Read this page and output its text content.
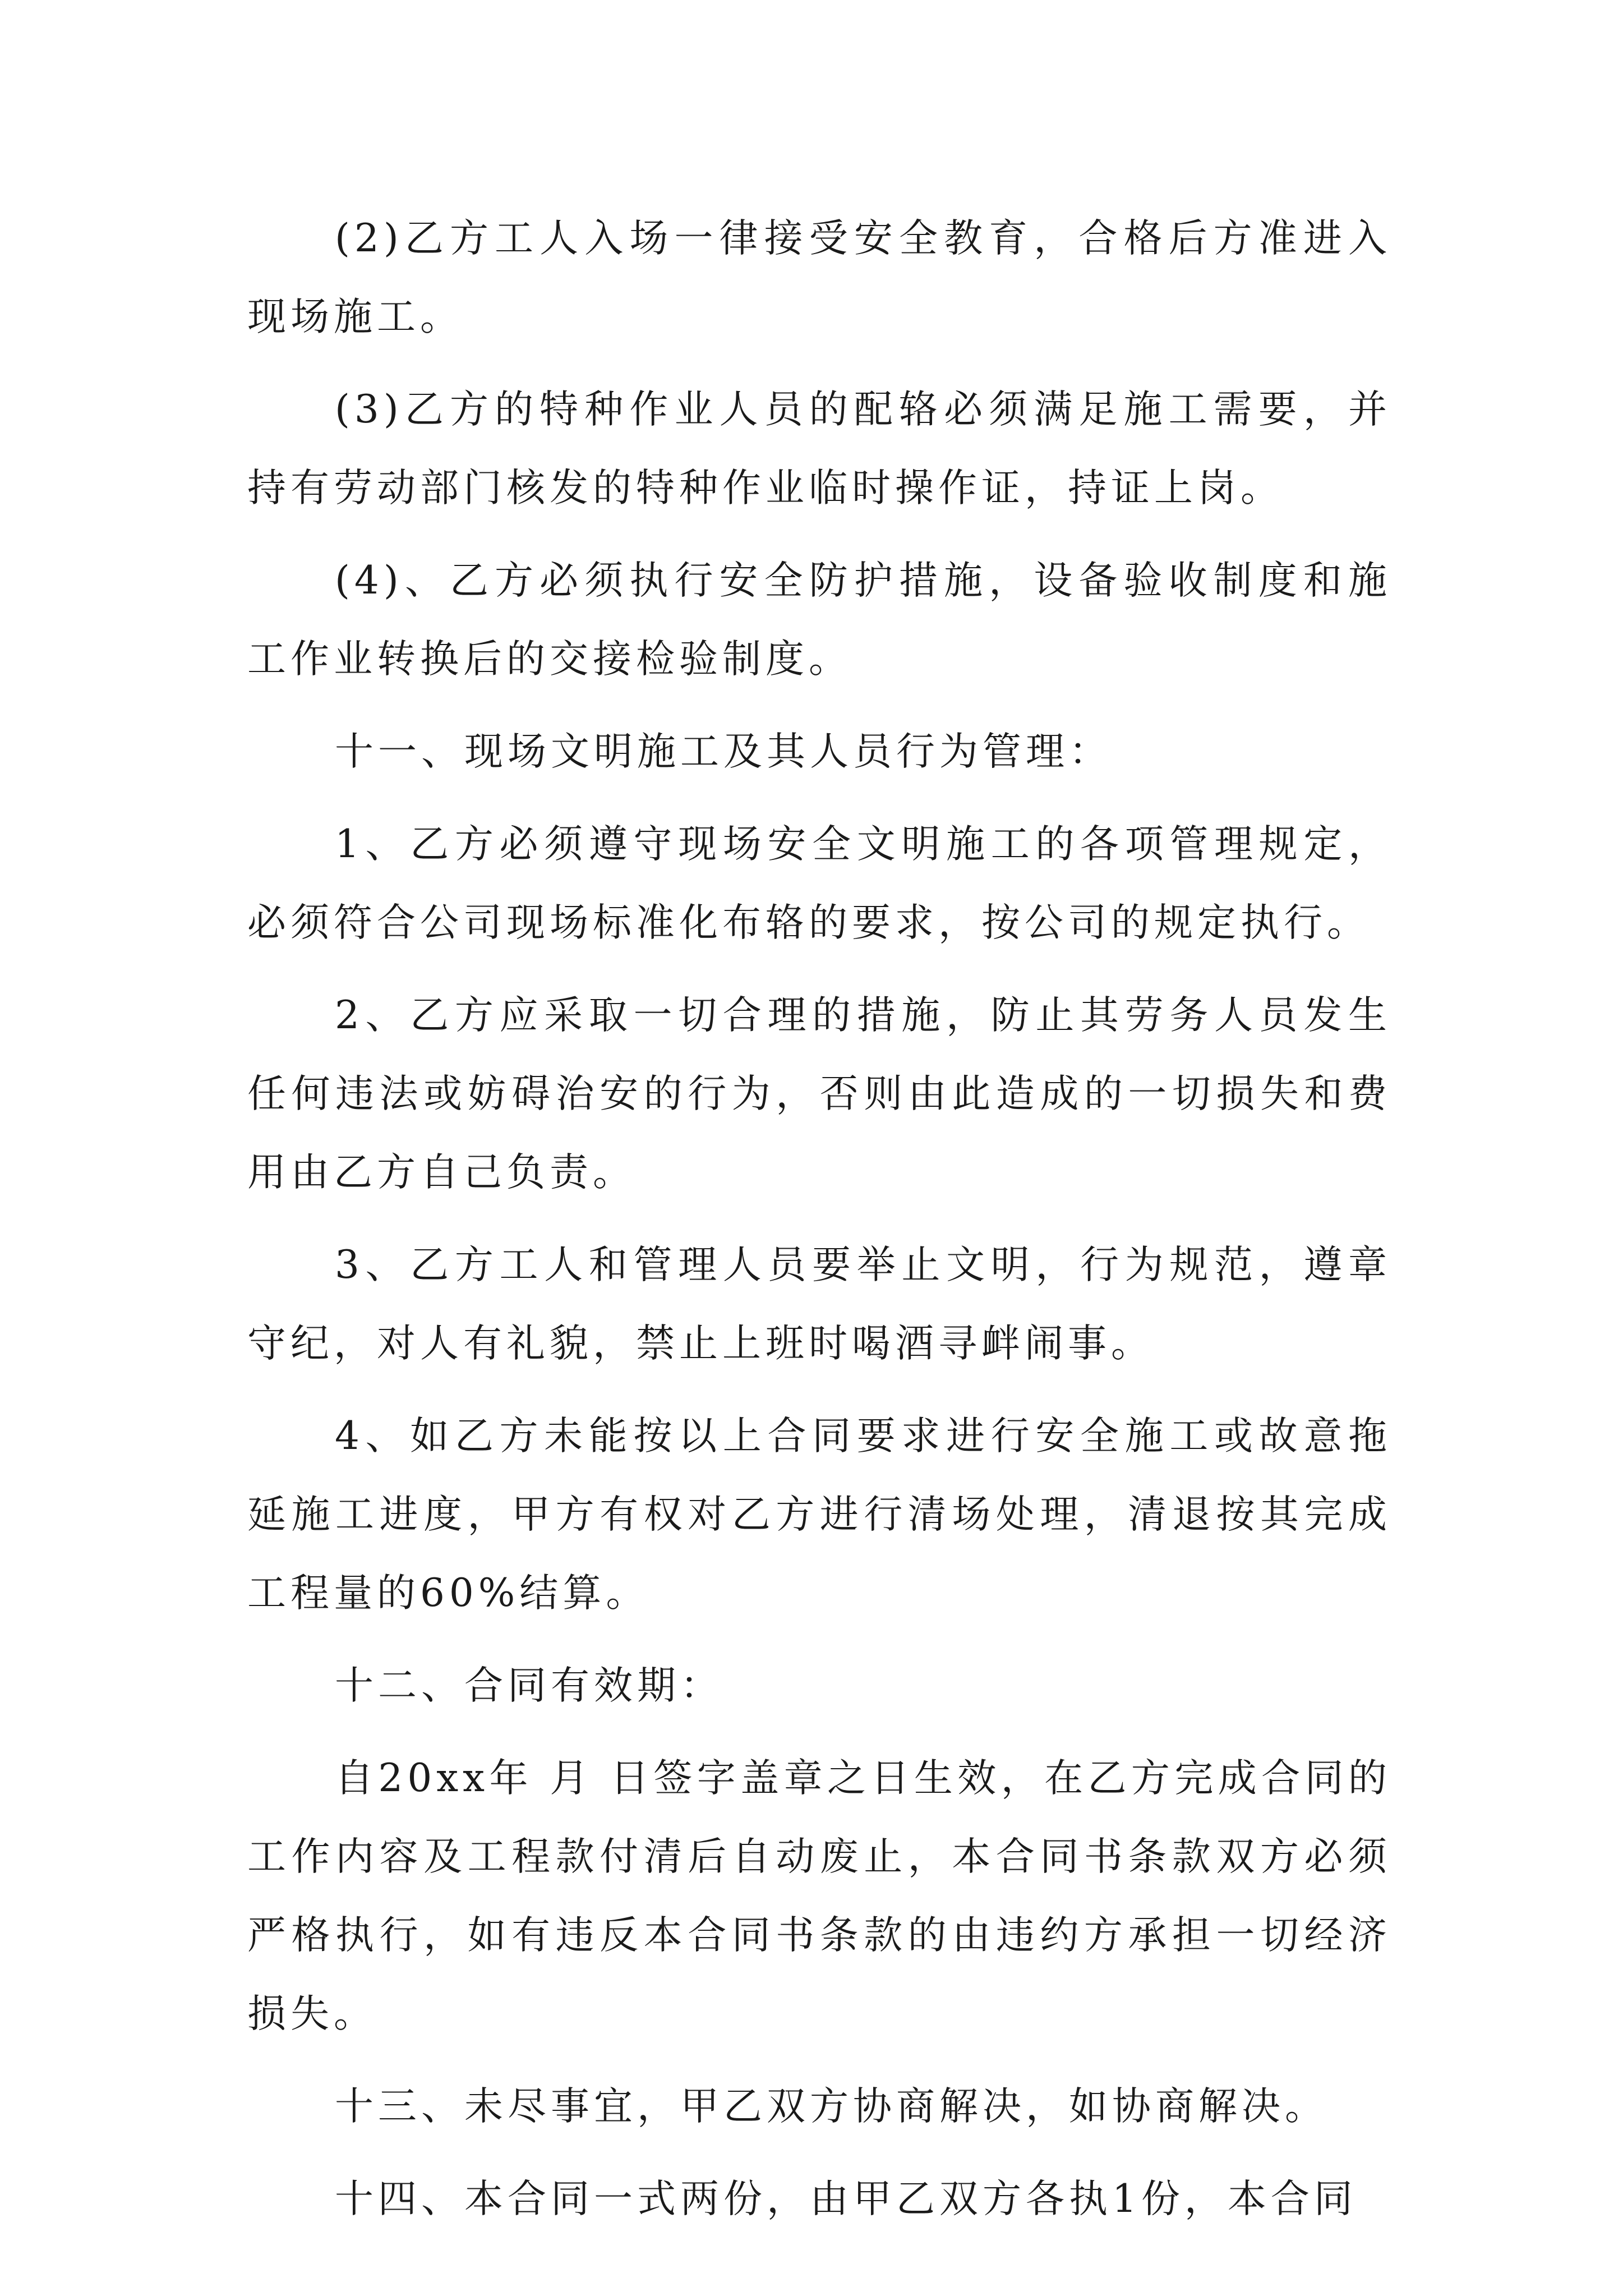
(2)乙方工人入场一律接受安全教育，合格后方准进入现场施工。

(3)乙方的特种作业人员的配辂必须满足施工需要，并持有劳动部门核发的特种作业临时操作证，持证上岗。

(4)、乙方必须执行安全防护措施，设备验收制度和施工作业转换后的交接检验制度。

十一、现场文明施工及其人员行为管理：

1、乙方必须遵守现场安全文明施工的各项管理规定，必须符合公司现场标准化布辂的要求，按公司的规定执行。

2、乙方应采取一切合理的措施，防止其劳务人员发生任何违法或妨碍治安的行为，否则由此造成的一切损失和费用由乙方自己负责。

3、乙方工人和管理人员要举止文明，行为规范，遵章守纪，对人有礼貌，禁止上班时喝酒寻衅闹事。

4、如乙方未能按以上合同要求进行安全施工或故意拖延施工进度，甲方有权对乙方进行清场处理，清退按其完成工程量的60%结算。

十二、合同有效期：

自20xx年 月 日签字盖章之日生效，在乙方完成合同的工作内容及工程款付清后自动废止，本合同书条款双方必须严格执行，如有违反本合同书条款的由违约方承担一切经济损失。

十三、未尽事宜，甲乙双方协商解决，如协商解决。

十四、本合同一式两份，由甲乙双方各执1份，本合同
